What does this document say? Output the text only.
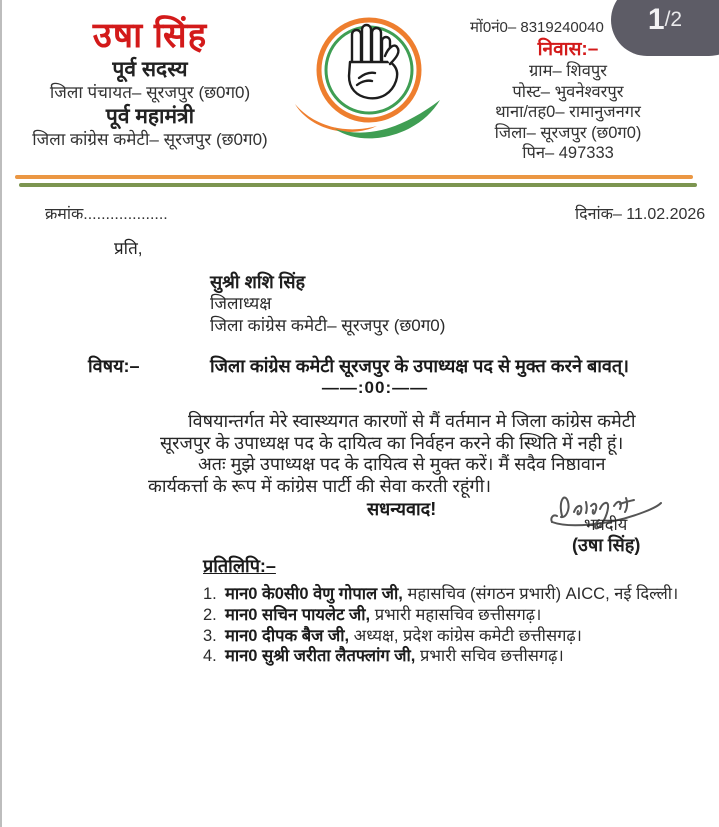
1 /2
उषा सिंह
पूर्व सदस्य
जिला पंचायत– सूरजपुर (छ0ग0)
पूर्व महामंत्री
जिला कांग्रेस कमेटी– सूरजपुर (छ0ग0)
मों0नं0– 8319240040
निवास:–
ग्राम– शिवपुर
पोस्ट– भुवनेश्वरपुर
थाना/तह0– रामानुजनगर
जिला– सूरजपुर (छ0ग0)
पिन– 497333
क्रमांक...................	दिनांक– 11.02.2026
प्रति,
सुश्री शशि सिंह
जिलाध्यक्ष
जिला कांग्रेस कमेटी– सूरजपुर (छ0ग0)
विषय:–	जिला कांग्रेस कमेटी सूरजपुर के उपाध्यक्ष पद से मुक्त करने बावत्।
——:00:——
विषयान्तर्गत मेरे स्वास्थ्यगत कारणों से मैं वर्तमान मे जिला कांग्रेस कमेटी
सूरजपुर के उपाध्यक्ष पद के दायित्व का निर्वहन करने की स्थिति में नही हूं।
अतः मुझे उपाध्यक्ष पद के दायित्व से मुक्त करें। मैं सदैव निष्ठावान
कार्यकर्त्ता के रूप में कांग्रेस पार्टी की सेवा करती रहूंगी।
सधन्यवाद!
भवदीय
(उषा सिंह)
प्रतिलिपि:–
1. मान0 के0सी0 वेणु गोपाल जी, महासचिव (संगठन प्रभारी) AICC, नई दिल्ली।
2. मान0 सचिन पायलेट जी, प्रभारी महासचिव छत्तीसगढ़।
3. मान0 दीपक बैज जी, अध्यक्ष, प्रदेश कांग्रेस कमेटी छत्तीसगढ़।
4. मान0 सुश्री जरीता लैतफ्लांग जी, प्रभारी सचिव छत्तीसगढ़।
